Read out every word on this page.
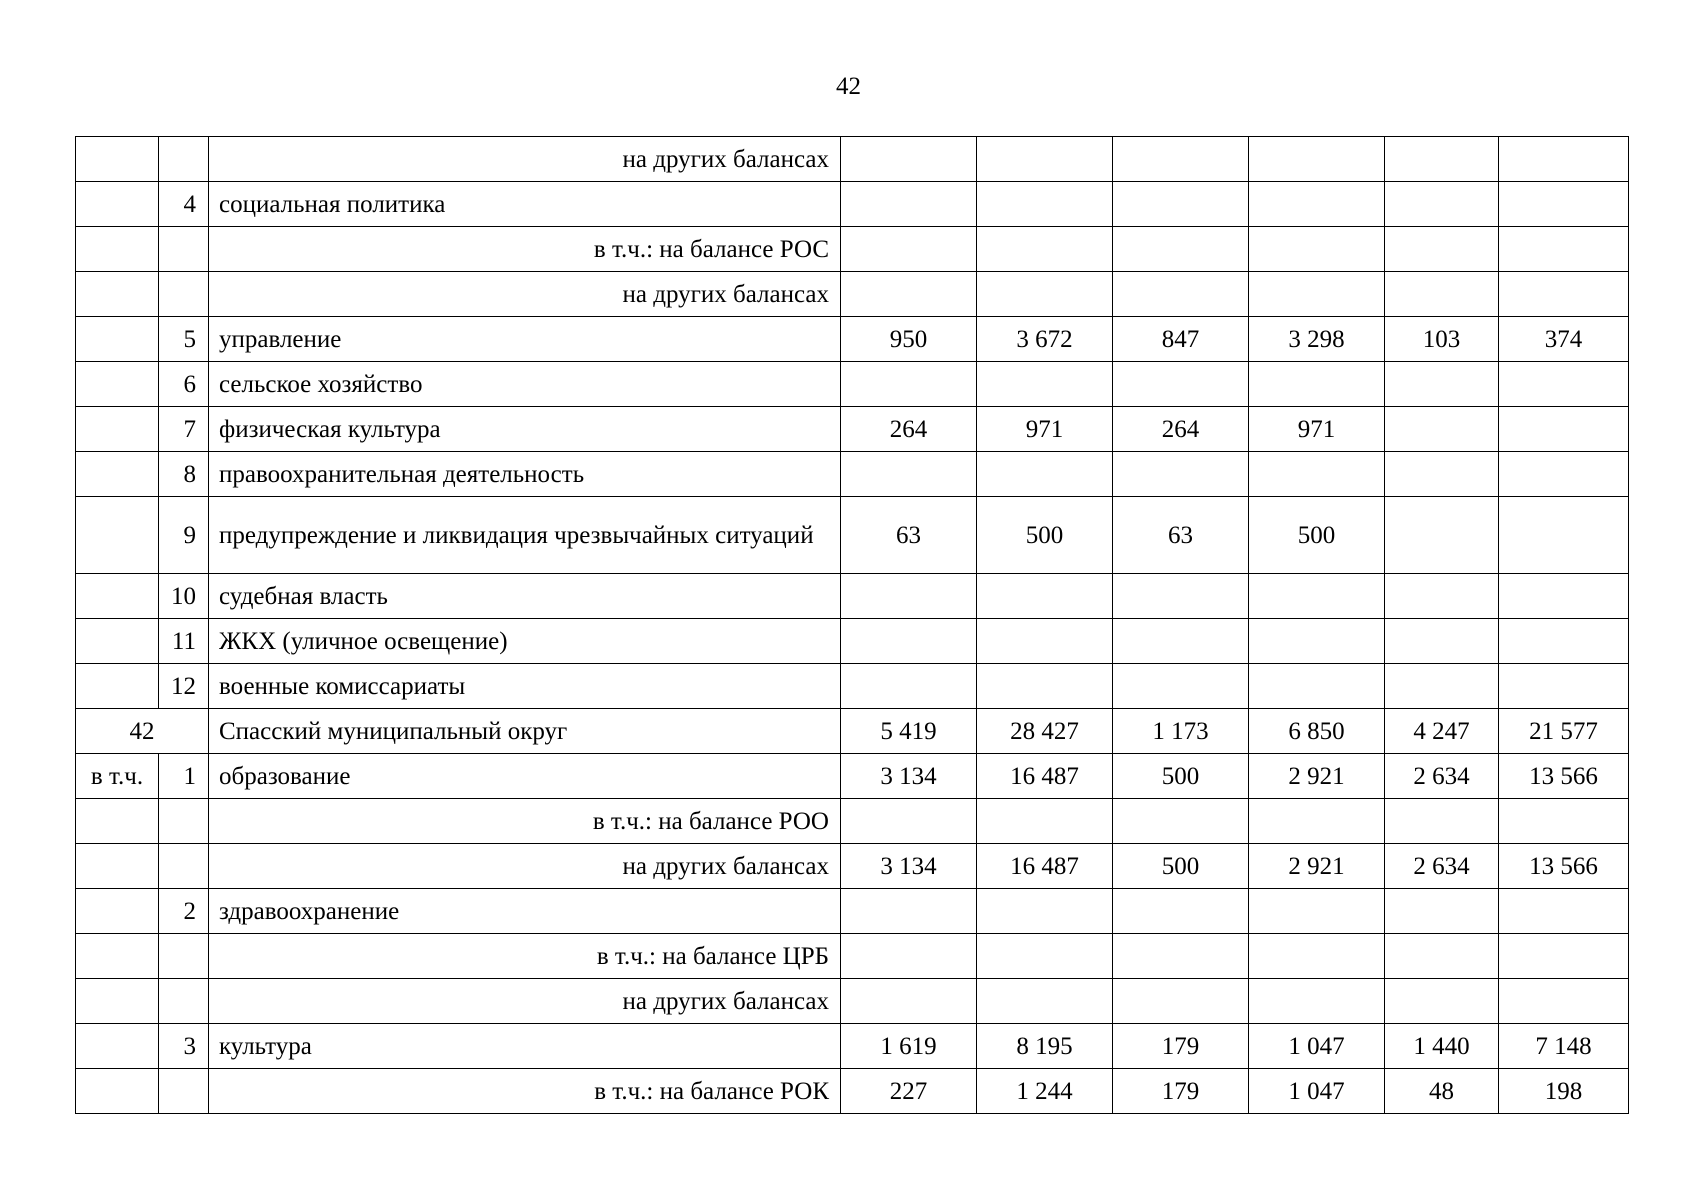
42
		на других балансах						
	4	социальная политика						
		в т.ч.: на балансе РОС						
		на других балансах						
	5	управление	950	3 672	847	3 298	103	374
	6	сельское хозяйство						
	7	физическая культура	264	971	264	971		
	8	правоохранительная деятельность						
	9	предупреждение и ликвидация чрезвычайных ситуаций	63	500	63	500		
	10	судебная власть						
	11	ЖКХ (уличное освещение)						
	12	военные комиссариаты						
42		Спасский муниципальный округ	5 419	28 427	1 173	6 850	4 247	21 577
в т.ч.	1	образование	3 134	16 487	500	2 921	2 634	13 566
		в т.ч.: на балансе РОО						
		на других балансах	3 134	16 487	500	2 921	2 634	13 566
	2	здравоохранение						
		в т.ч.: на балансе ЦРБ						
		на других балансах						
	3	культура	1 619	8 195	179	1 047	1 440	7 148
		в т.ч.: на балансе РОК	227	1 244	179	1 047	48	198
